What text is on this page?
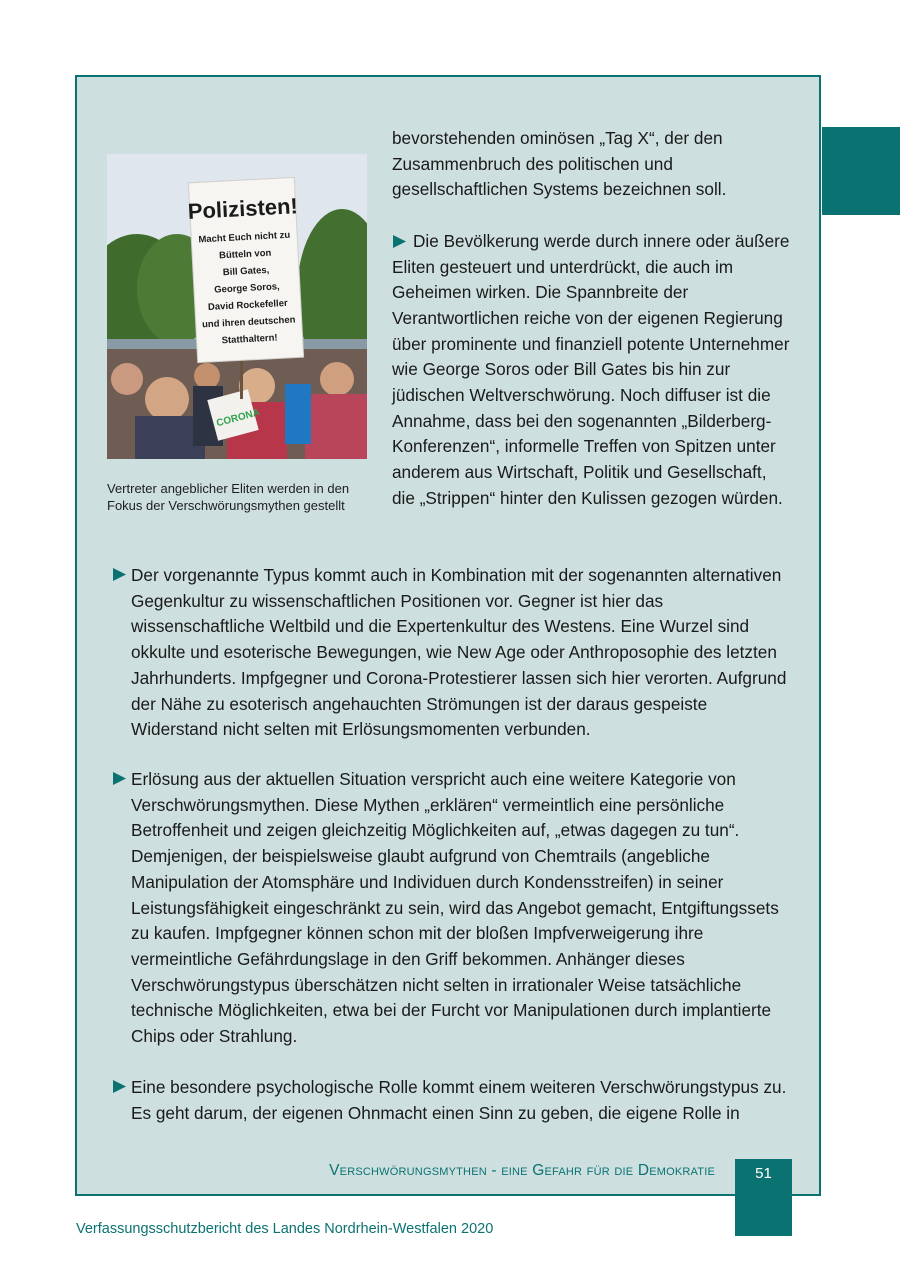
CORONA
Polizisten!
Macht Euch nicht zu
Bütteln von
Bill Gates,
George Soros,
David Rockefeller
und ihren deutschen
Statthaltern!
Vertreter angeblicher Eliten werden in den Fokus der Verschwörungsmythen gestellt

bevorstehenden ominösen „Tag X“, der den Zusammenbruch des politischen und gesellschaftlichen Systems bezeichnen soll.

Die Bevölkerung werde durch innere oder äußere Eliten gesteuert und unterdrückt, die auch im Geheimen wirken. Die Spannbreite der Verantwortlichen reiche von der eigenen Regierung über prominente und finanziell potente Unternehmer wie George Soros oder Bill Gates bis hin zur jüdischen Weltverschwörung. Noch diffuser ist die Annahme, dass bei den sogenannten „Bilderberg-Konferenzen“, informelle Treffen von Spitzen unter anderem aus Wirtschaft, Politik und Gesellschaft, die „Strippen“ hinter den Kulissen gezogen würden.

Der vorgenannte Typus kommt auch in Kombination mit der sogenannten alternativen Gegenkultur zu wissenschaftlichen Positionen vor. Gegner ist hier das wissenschaftliche Weltbild und die Expertenkultur des Westens. Eine Wurzel sind okkulte und esoterische Bewegungen, wie New Age oder Anthroposophie des letzten Jahrhunderts. Impfgegner und Corona-Protestierer lassen sich hier verorten. Aufgrund der Nähe zu esoterisch angehauchten Strömungen ist der daraus gespeiste Widerstand nicht selten mit Erlösungsmomenten verbunden.

Erlösung aus der aktuellen Situation verspricht auch eine weitere Kategorie von Verschwörungsmythen. Diese Mythen „erklären“ vermeintlich eine persönliche Betroffenheit und zeigen gleichzeitig Möglichkeiten auf, „etwas dagegen zu tun“. Demjenigen, der beispielsweise glaubt aufgrund von Chemtrails (angebliche Manipulation der Atomsphäre und Individuen durch Kondensstreifen) in seiner Leistungsfähigkeit eingeschränkt zu sein, wird das Angebot gemacht, Entgiftungssets zu kaufen. Impfgegner können schon mit der bloßen Impfverweigerung ihre vermeintliche Gefährdungslage in den Griff bekommen. Anhänger dieses Verschwörungstypus überschätzen nicht selten in irrationaler Weise tatsächliche technische Möglichkeiten, etwa bei der Furcht vor Manipulationen durch implantierte Chips oder Strahlung.

Eine besondere psychologische Rolle kommt einem weiteren Verschwörungstypus zu. Es geht darum, der eigenen Ohnmacht einen Sinn zu geben, die eigene Rolle in

Verschwörungsmythen - eine Gefahr für die Demokratie	51
Verfassungsschutzbericht des Landes Nordrhein-Westfalen 2020
